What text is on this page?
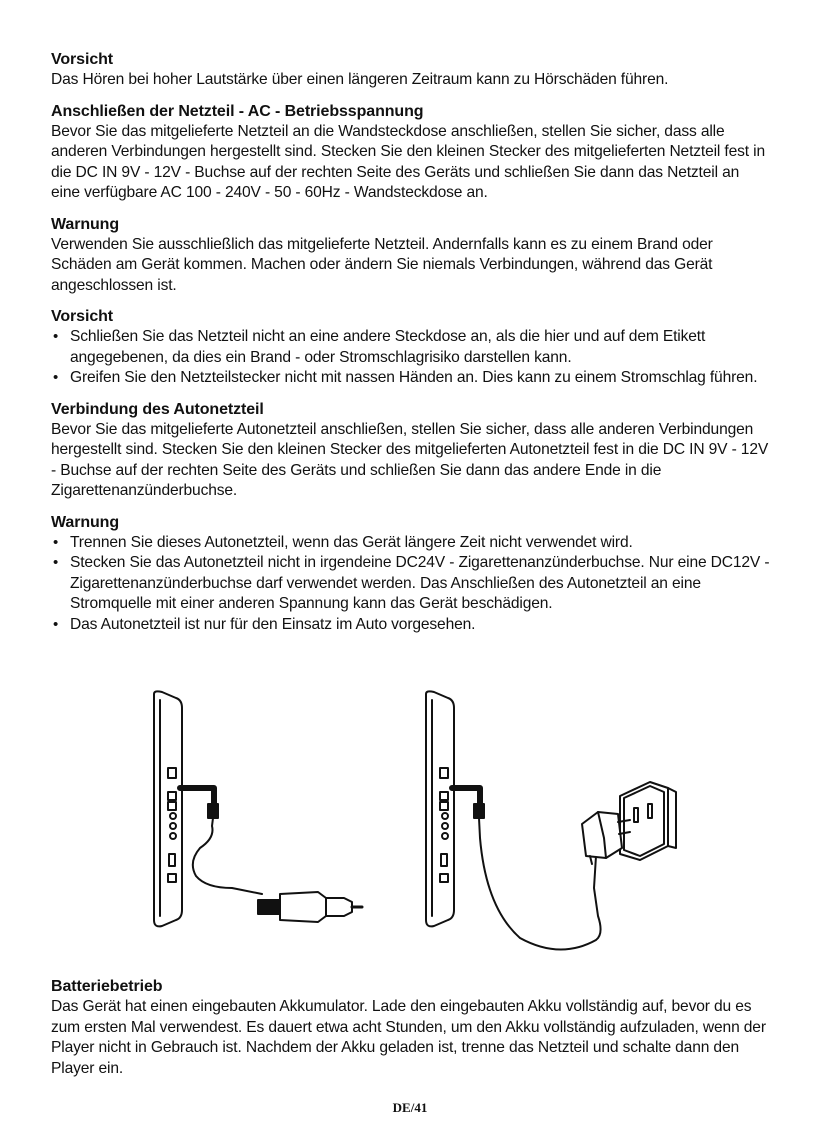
Vorsicht

Das Hören bei hoher Lautstärke über einen längeren Zeitraum kann zu Hörschäden führen.

Anschließen der Netzteil - AC - Betriebsspannung

Bevor Sie das mitgelieferte Netzteil an die Wandsteckdose anschließen, stellen Sie sicher, dass alle anderen Verbindungen hergestellt sind. Stecken Sie den kleinen Stecker des mitgelieferten Netzteil fest in die DC IN 9V - 12V - Buchse auf der rechten Seite des Geräts und schließen Sie dann das Netzteil an eine verfügbare AC 100 - 240V - 50 - 60Hz - Wandsteckdose an.

Warnung

Verwenden Sie ausschließlich das mitgelieferte Netzteil. Andernfalls kann es zu einem Brand oder Schäden am Gerät kommen. Machen oder ändern Sie niemals Verbindungen, während das Gerät angeschlossen ist.

Vorsicht

• Schließen Sie das Netzteil nicht an eine andere Steckdose an, als die hier und auf dem Etikett angegebenen, da dies ein Brand - oder Stromschlagrisiko darstellen kann.
• Greifen Sie den Netzteilstecker nicht mit nassen Händen an. Dies kann zu einem Stromschlag führen.

Verbindung des Autonetzteil

Bevor Sie das mitgelieferte Autonetzteil anschließen, stellen Sie sicher, dass alle anderen Verbindungen hergestellt sind. Stecken Sie den kleinen Stecker des mitgelieferten Autonetzteil fest in die DC IN 9V - 12V - Buchse auf der rechten Seite des Geräts und schließen Sie dann das andere Ende in die Zigarettenanzünderbuchse.

Warnung

• Trennen Sie dieses Autonetzteil, wenn das Gerät längere Zeit nicht verwendet wird.
• Stecken Sie das Autonetzteil nicht in irgendeine DC24V - Zigarettenanzünderbuchse. Nur eine DC12V - Zigarettenanzünderbuchse darf verwendet werden. Das Anschließen des Autonetzteil an eine Stromquelle mit einer anderen Spannung kann das Gerät beschädigen.
• Das Autonetzteil ist nur für den Einsatz im Auto vorgesehen.

Batteriebetrieb

Das Gerät hat einen eingebauten Akkumulator. Lade den eingebauten Akku vollständig auf, bevor du es zum ersten Mal verwendest. Es dauert etwa acht Stunden, um den Akku vollständig aufzuladen, wenn der Player nicht in Gebrauch ist. Nachdem der Akku geladen ist, trenne das Netzteil und schalte dann den Player ein.

DE/41
